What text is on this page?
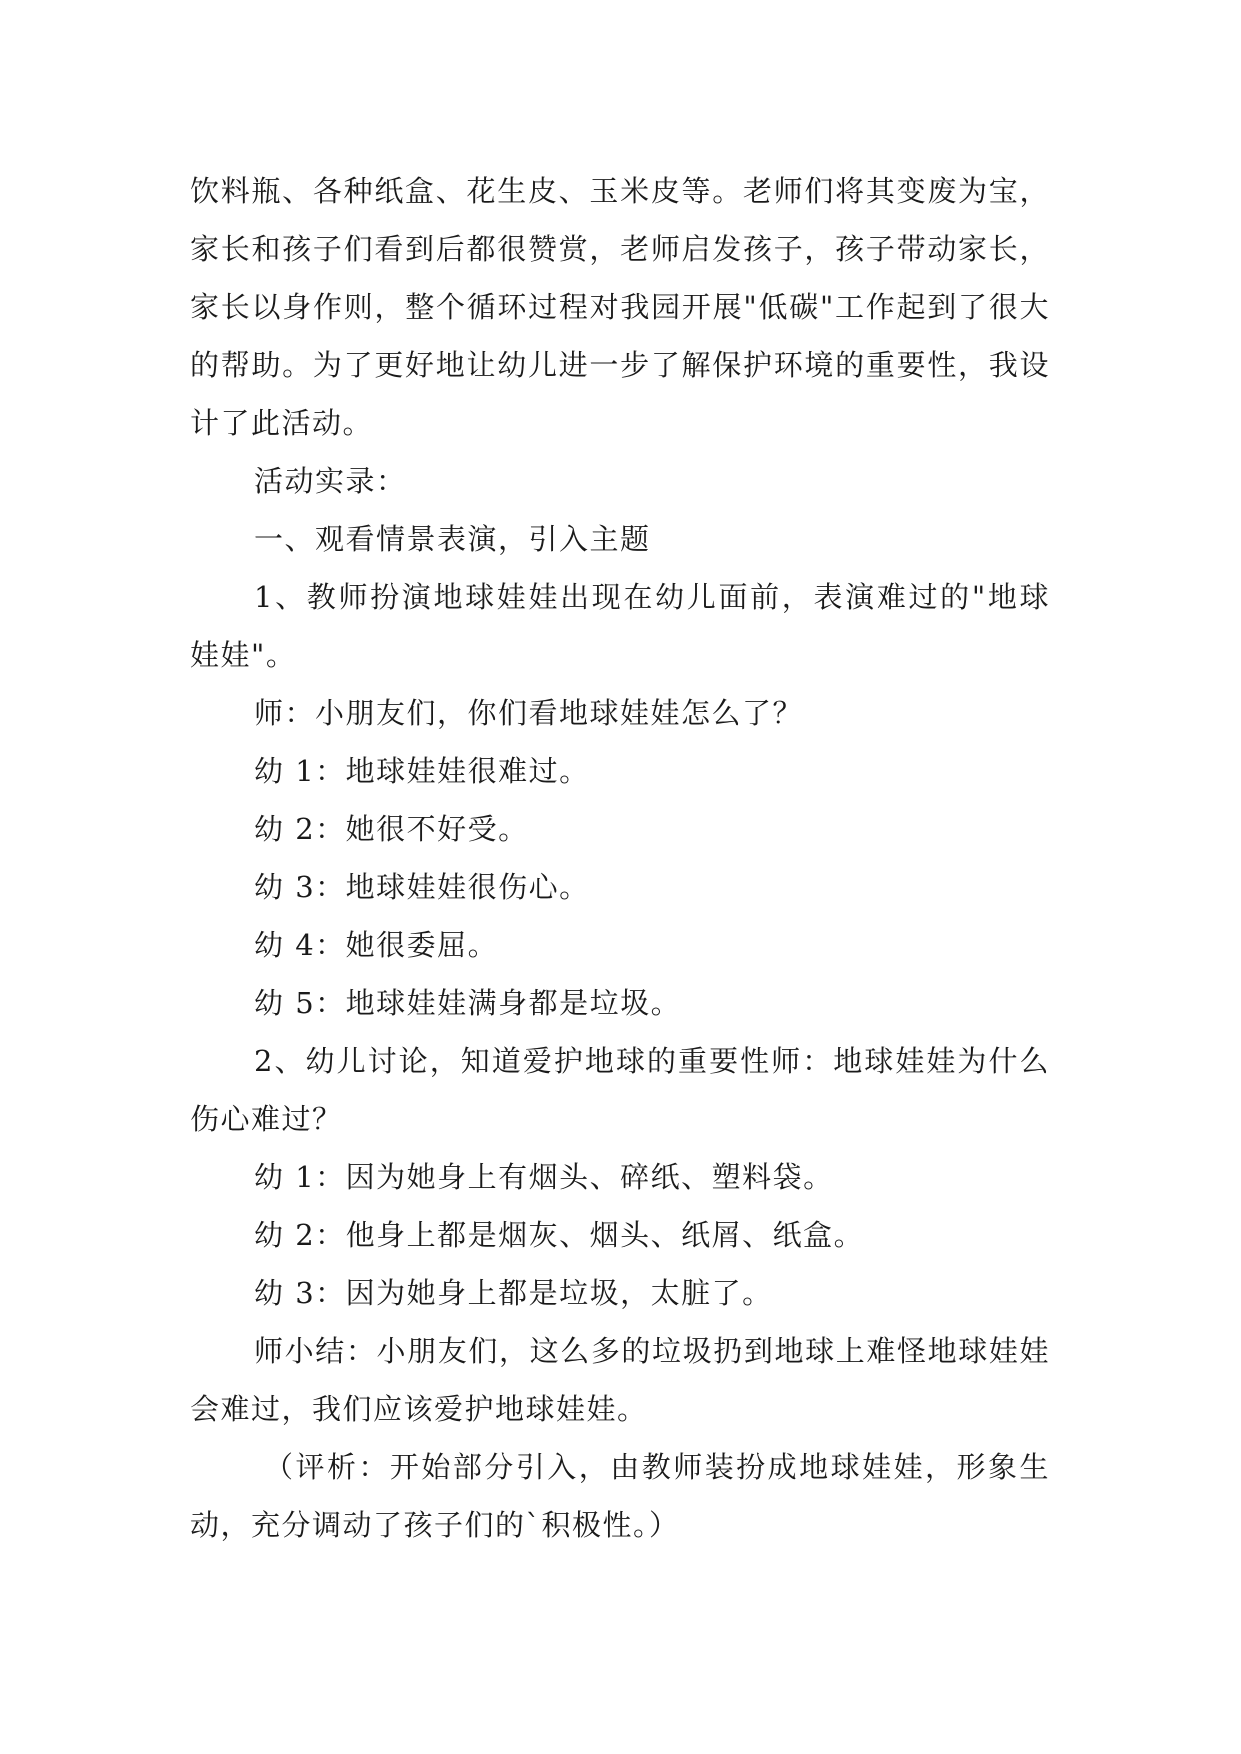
饮料瓶、各种纸盒、花生皮、玉米皮等。老师们将其变废为宝，家长和孩子们看到后都很赞赏，老师启发孩子，孩子带动家长，家长以身作则，整个循环过程对我园开展"低碳"工作起到了很大的帮助。为了更好地让幼儿进一步了解保护环境的重要性，我设计了此活动。

活动实录：

一、观看情景表演，引入主题

1、教师扮演地球娃娃出现在幼儿面前，表演难过的"地球娃娃"。

师：小朋友们，你们看地球娃娃怎么了？

幼 1：地球娃娃很难过。

幼 2：她很不好受。

幼 3：地球娃娃很伤心。

幼 4：她很委屈。

幼 5：地球娃娃满身都是垃圾。

2、幼儿讨论，知道爱护地球的重要性师：地球娃娃为什么伤心难过？

幼 1：因为她身上有烟头、碎纸、塑料袋。

幼 2：他身上都是烟灰、烟头、纸屑、纸盒。

幼 3：因为她身上都是垃圾，太脏了。

师小结：小朋友们，这么多的垃圾扔到地球上难怪地球娃娃会难过，我们应该爱护地球娃娃。

（评析：开始部分引入，由教师装扮成地球娃娃，形象生动，充分调动了孩子们的`积极性。）
